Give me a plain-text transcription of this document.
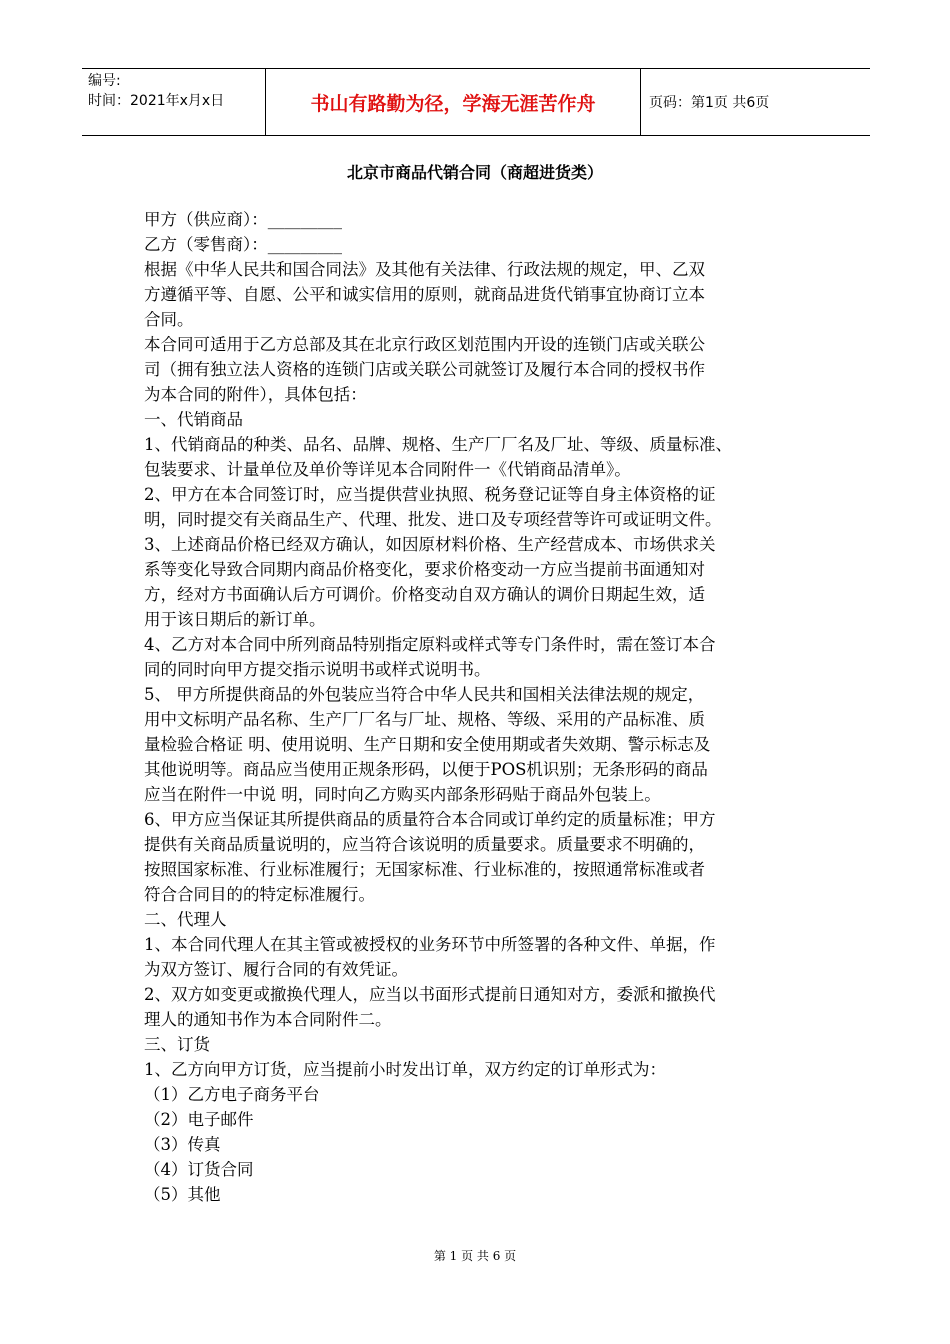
编号:
时间：2021年x月x日	书山有路勤为径，学海无涯苦作舟	页码：第1页 共6页
北京市商品代销合同（商超进货类）
甲方（供应商）：_________
乙方（零售商）：_________
根据《中华人民共和国合同法》及其他有关法律、行政法规的规定，甲、乙双
方遵循平等、自愿、公平和诚实信用的原则，就商品进货代销事宜协商订立本
合同。
本合同可适用于乙方总部及其在北京行政区划范围内开设的连锁门店或关联公
司（拥有独立法人资格的连锁门店或关联公司就签订及履行本合同的授权书作
为本合同的附件），具体包括：
一、代销商品
1、代销商品的种类、品名、品牌、规格、生产厂厂名及厂址、等级、质量标准、
包装要求、计量单位及单价等详见本合同附件一《代销商品清单》。
2、甲方在本合同签订时，应当提供营业执照、税务登记证等自身主体资格的证
明，同时提交有关商品生产、代理、批发、进口及专项经营等许可或证明文件。
3、上述商品价格已经双方确认，如因原材料价格、生产经营成本、市场供求关
系等变化导致合同期内商品价格变化，要求价格变动一方应当提前书面通知对
方，经对方书面确认后方可调价。价格变动自双方确认的调价日期起生效，适
用于该日期后的新订单。
4、乙方对本合同中所列商品特别指定原料或样式等专门条件时，需在签订本合
同的同时向甲方提交指示说明书或样式说明书。
5、 甲方所提供商品的外包装应当符合中华人民共和国相关法律法规的规定，
用中文标明产品名称、生产厂厂名与厂址、规格、等级、采用的产品标准、质
量检验合格证 明、使用说明、生产日期和安全使用期或者失效期、警示标志及
其他说明等。商品应当使用正规条形码，以便于POS机识别；无条形码的商品
应当在附件一中说 明，同时向乙方购买内部条形码贴于商品外包装上。
6、甲方应当保证其所提供商品的质量符合本合同或订单约定的质量标准；甲方
提供有关商品质量说明的，应当符合该说明的质量要求。质量要求不明确的，
按照国家标准、行业标准履行；无国家标准、行业标准的，按照通常标准或者
符合合同目的的特定标准履行。
二、代理人
1、本合同代理人在其主管或被授权的业务环节中所签署的各种文件、单据，作
为双方签订、履行合同的有效凭证。
2、双方如变更或撤换代理人，应当以书面形式提前日通知对方，委派和撤换代
理人的通知书作为本合同附件二。
三、订货
1、乙方向甲方订货，应当提前小时发出订单，双方约定的订单形式为：
（1）乙方电子商务平台
（2）电子邮件
（3）传真
（4）订货合同
（5）其他
第 1 页 共 6 页
